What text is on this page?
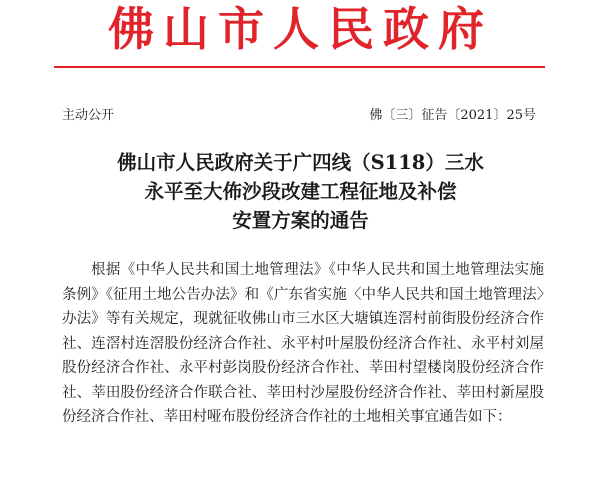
佛山市人民政府
主动公开	佛〔三〕征告〔2021〕25号
佛山市人民政府关于广四线（S118）三水
永平至大佈沙段改建工程征地及补偿
安置方案的通告

根据《中华人民共和国土地管理法》《中华人民共和国土地管理法实施条例》《征用土地公告办法》和《广东省实施〈中华人民共和国土地管理法〉办法》等有关规定，现就征收佛山市三水区大塘镇连滘村前街股份经济合作社、连滘村连滘股份经济合作社、永平村叶屋股份经济合作社、永平村刘屋股份经济合作社、永平村彭岗股份经济合作社、莘田村望楼岗股份经济合作社、莘田股份经济合作联合社、莘田村沙屋股份经济合作社、莘田村新屋股份经济合作社、莘田村哑布股份经济合作社的土地相关事宜通告如下：
